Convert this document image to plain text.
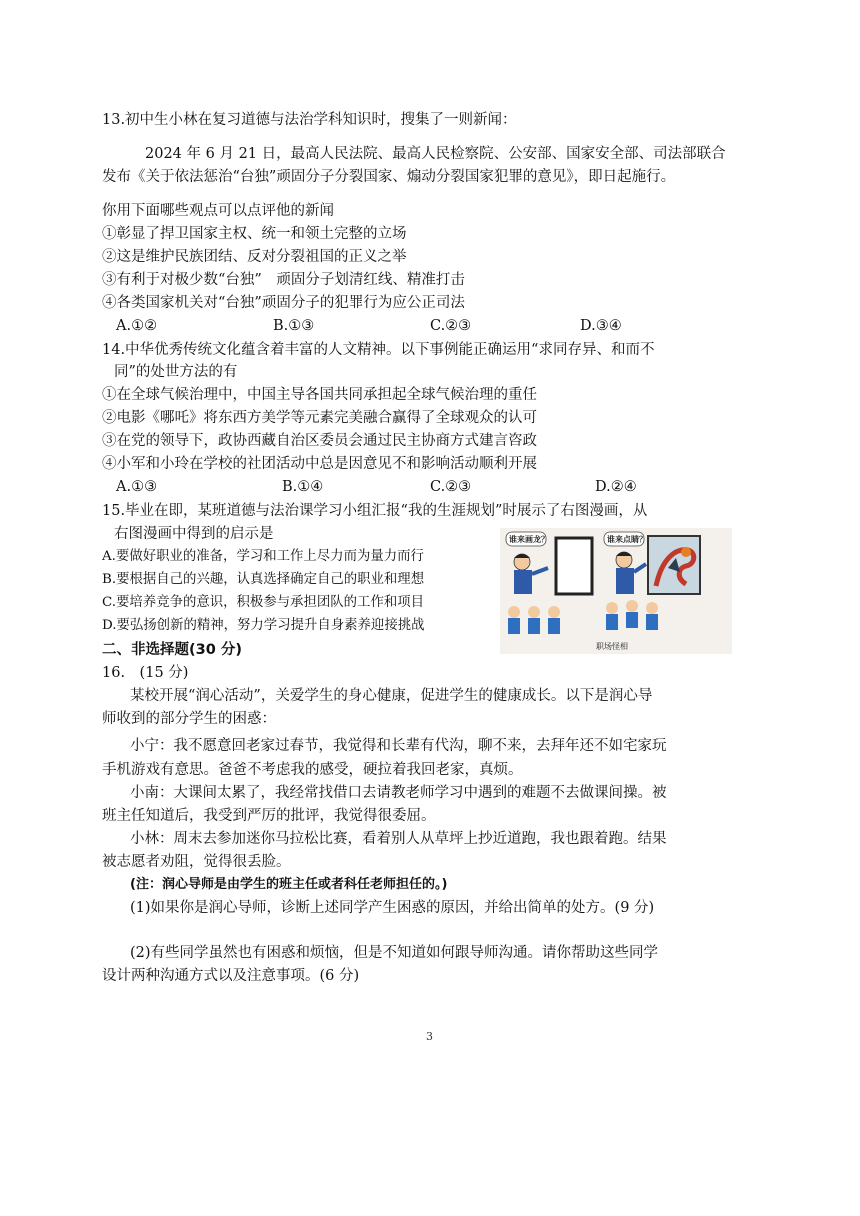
13.初中生小林在复习道德与法治学科知识时，搜集了一则新闻：
2024 年 6 月 21 日，最高人民法院、最高人民检察院、公安部、国家安全部、司法部联合
发布《关于依法惩治“台独”顽固分子分裂国家、煽动分裂国家犯罪的意见》，即日起施行。
你用下面哪些观点可以点评他的新闻
①彰显了捍卫国家主权、统一和领土完整的立场
②这是维护民族团结、反对分裂祖国的正义之举
③有利于对极少数“台独”　顽固分子划清红线、精准打击
④各类国家机关对“台独”顽固分子的犯罪行为应公正司法
A.①②	B.①③	C.②③	D.③④
14.中华优秀传统文化蕴含着丰富的人文精神。以下事例能正确运用“求同存异、和而不
同”的处世方法的有
①在全球气候治理中，中国主导各国共同承担起全球气候治理的重任
②电影《哪吒》将东西方美学等元素完美融合赢得了全球观众的认可
③在党的领导下，政协西藏自治区委员会通过民主协商方式建言咨政
④小军和小玲在学校的社团活动中总是因意见不和影响活动顺利开展
A.①③	B.①④	C.②③	D.②④
15.毕业在即，某班道德与法治课学习小组汇报“我的生涯规划”时展示了右图漫画，从
右图漫画中得到的启示是
A.要做好职业的准备，学习和工作上尽力而为量力而行
B.要根据自己的兴趣，认真选择确定自己的职业和理想
C.要培养竞争的意识，积极参与承担团队的工作和项目
D.要弘扬创新的精神，努力学习提升自身素养迎接挑战
谁来画龙？	谁来点睛？
职场怪相
二、非选择题(30 分)
16.　(15 分)
某校开展“润心活动”，关爱学生的身心健康，促进学生的健康成长。以下是润心导
师收到的部分学生的困惑：
小宁：我不愿意回老家过春节，我觉得和长辈有代沟，聊不来，去拜年还不如宅家玩
手机游戏有意思。爸爸不考虑我的感受，硬拉着我回老家，真烦。
小南：大课间太累了，我经常找借口去请教老师学习中遇到的难题不去做课间操。被
班主任知道后，我受到严厉的批评，我觉得很委屈。
小林：周末去参加迷你马拉松比赛，看着别人从草坪上抄近道跑，我也跟着跑。结果
被志愿者劝阻，觉得很丢脸。
(注：润心导师是由学生的班主任或者科任老师担任的。)
(1)如果你是润心导师，诊断上述同学产生困惑的原因，并给出简单的处方。(9 分)
(2)有些同学虽然也有困惑和烦恼，但是不知道如何跟导师沟通。请你帮助这些同学
设计两种沟通方式以及注意事项。(6 分)
3
